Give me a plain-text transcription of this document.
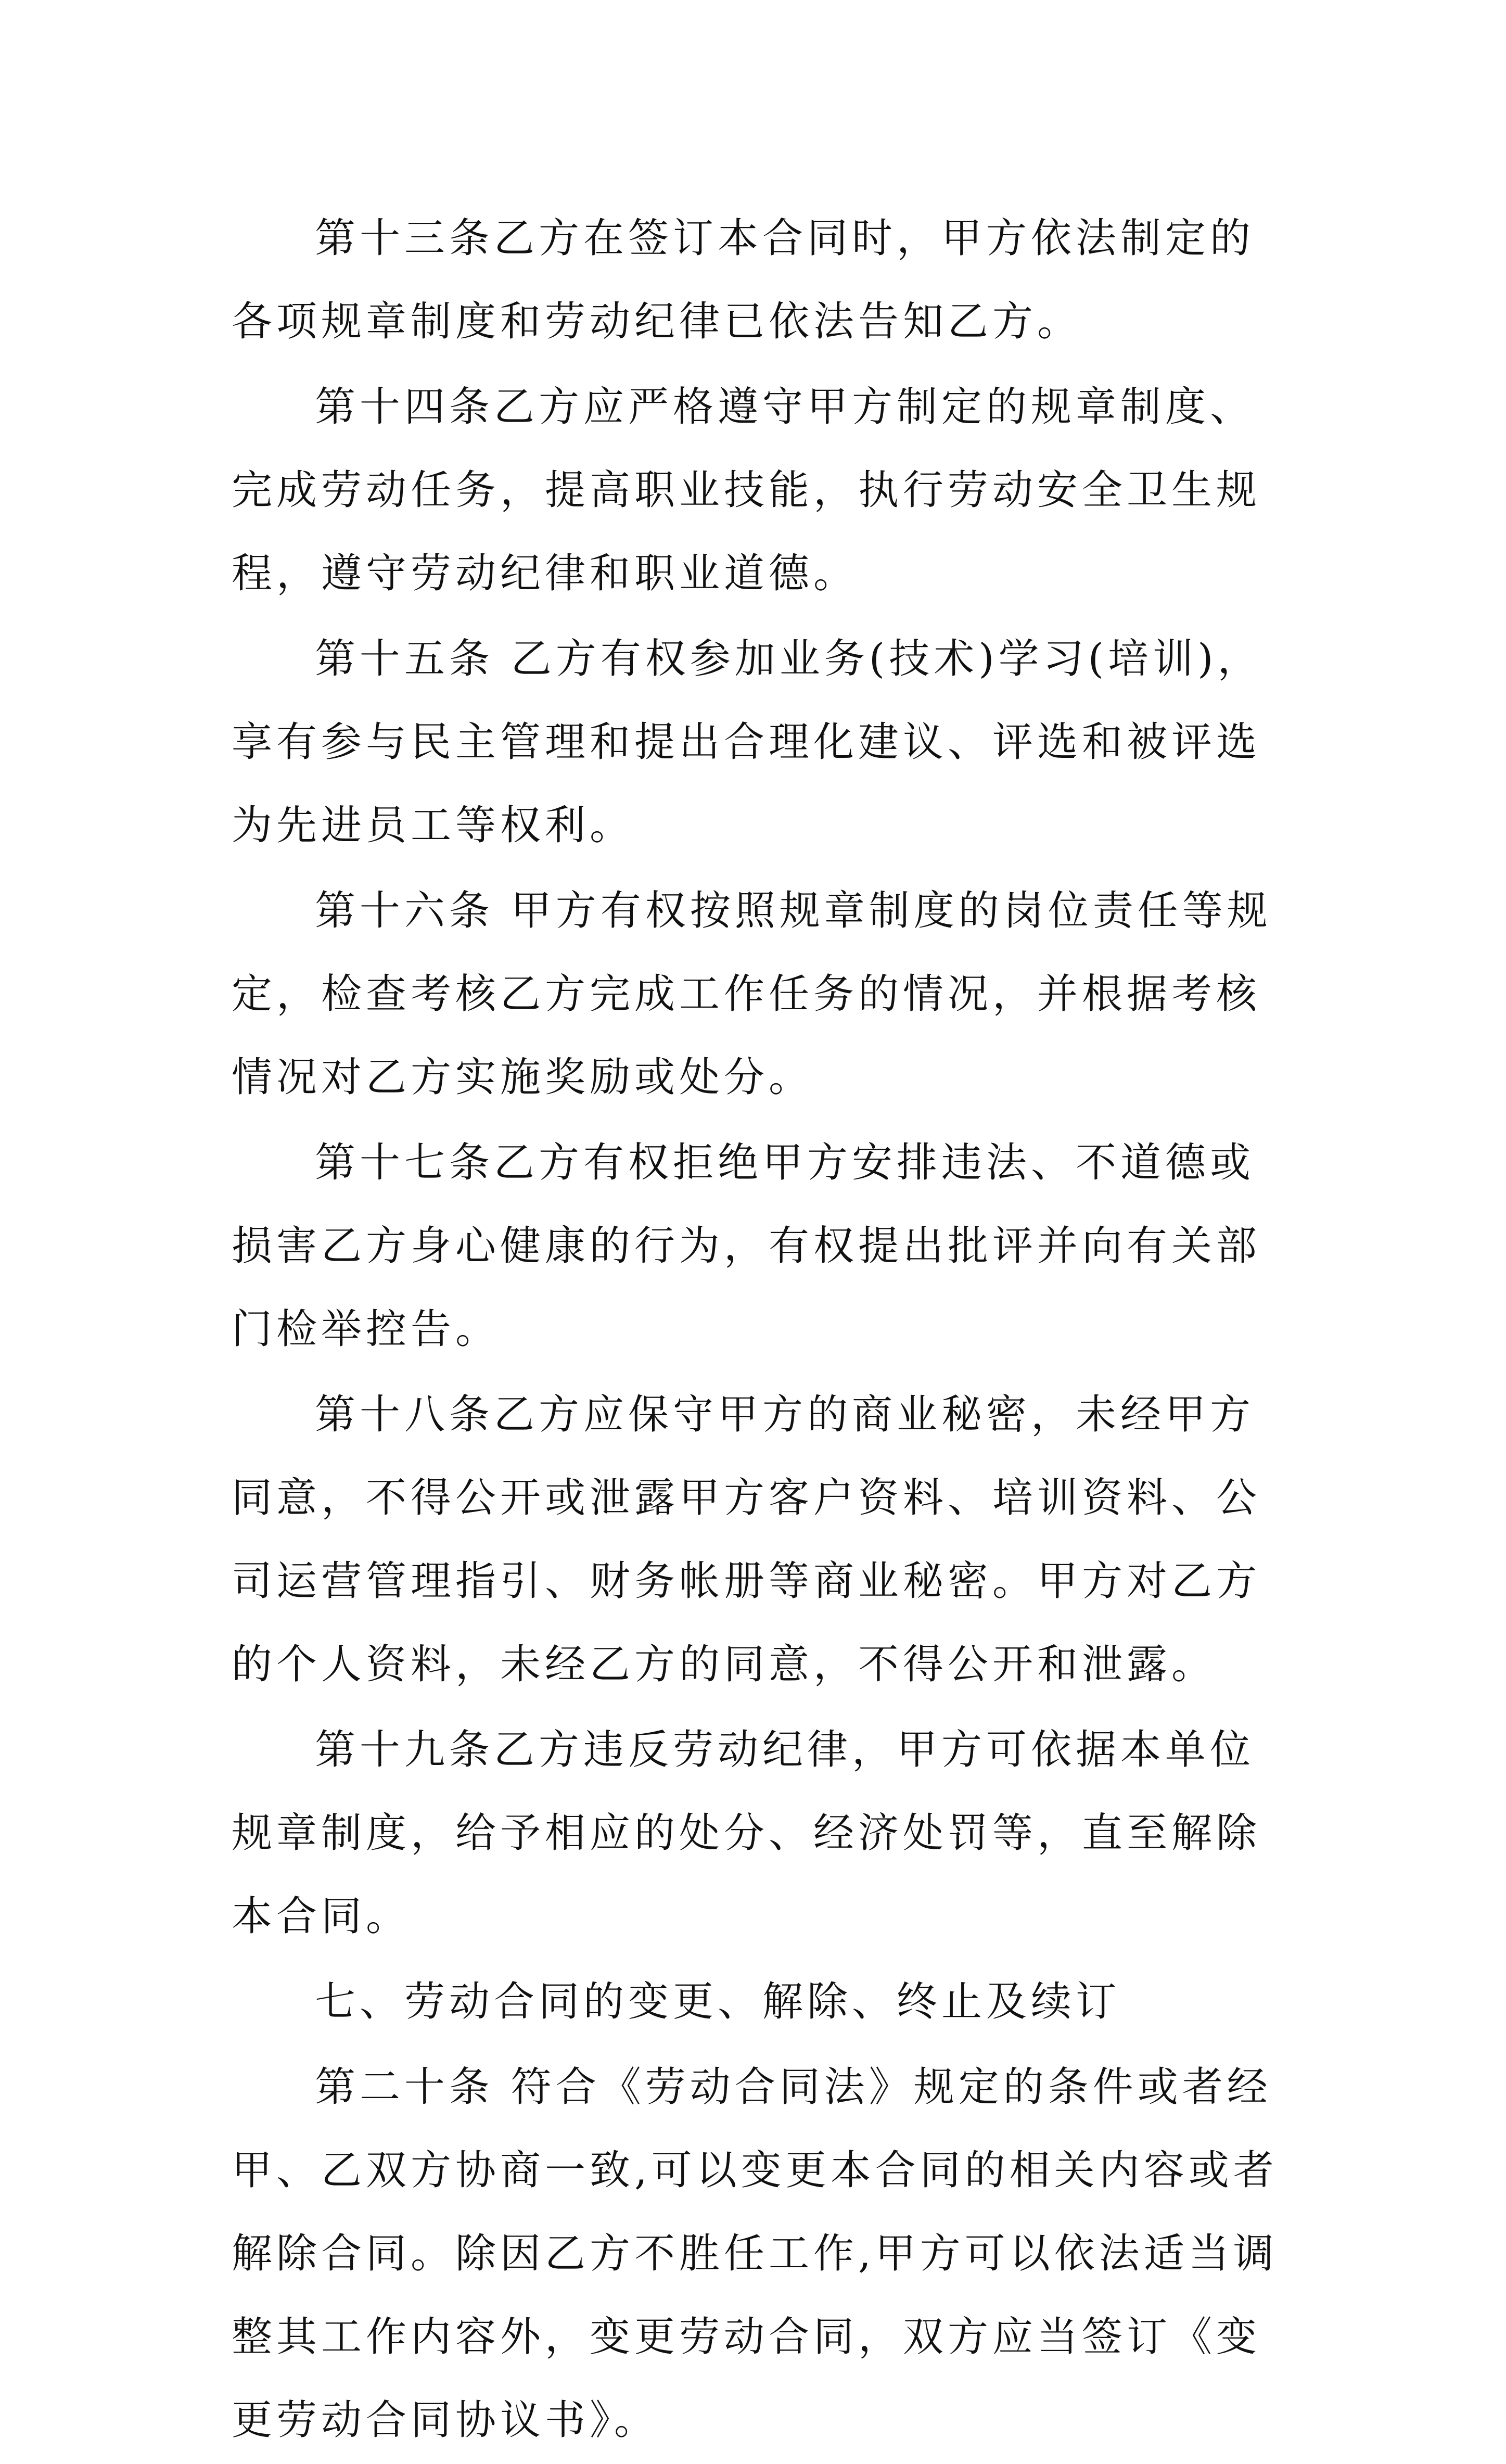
第十三条乙方在签订本合同时，甲方依法制定的各项规章制度和劳动纪律已依法告知乙方。

第十四条乙方应严格遵守甲方制定的规章制度、完成劳动任务，提高职业技能，执行劳动安全卫生规程，遵守劳动纪律和职业道德。

第十五条 乙方有权参加业务(技术)学习(培训)，享有参与民主管理和提出合理化建议、评选和被评选为先进员工等权利。

第十六条 甲方有权按照规章制度的岗位责任等规定，检查考核乙方完成工作任务的情况，并根据考核情况对乙方实施奖励或处分。

第十七条乙方有权拒绝甲方安排违法、不道德或损害乙方身心健康的行为，有权提出批评并向有关部门检举控告。

第十八条乙方应保守甲方的商业秘密，未经甲方同意，不得公开或泄露甲方客户资料、培训资料、公司运营管理指引、财务帐册等商业秘密。甲方对乙方的个人资料，未经乙方的同意，不得公开和泄露。

第十九条乙方违反劳动纪律，甲方可依据本单位规章制度，给予相应的处分、经济处罚等，直至解除本合同。

七、劳动合同的变更、解除、终止及续订

第二十条 符合《劳动合同法》规定的条件或者经甲、乙双方协商一致,可以变更本合同的相关内容或者解除合同。除因乙方不胜任工作,甲方可以依法适当调整其工作内容外，变更劳动合同，双方应当签订《变更劳动合同协议书》。
